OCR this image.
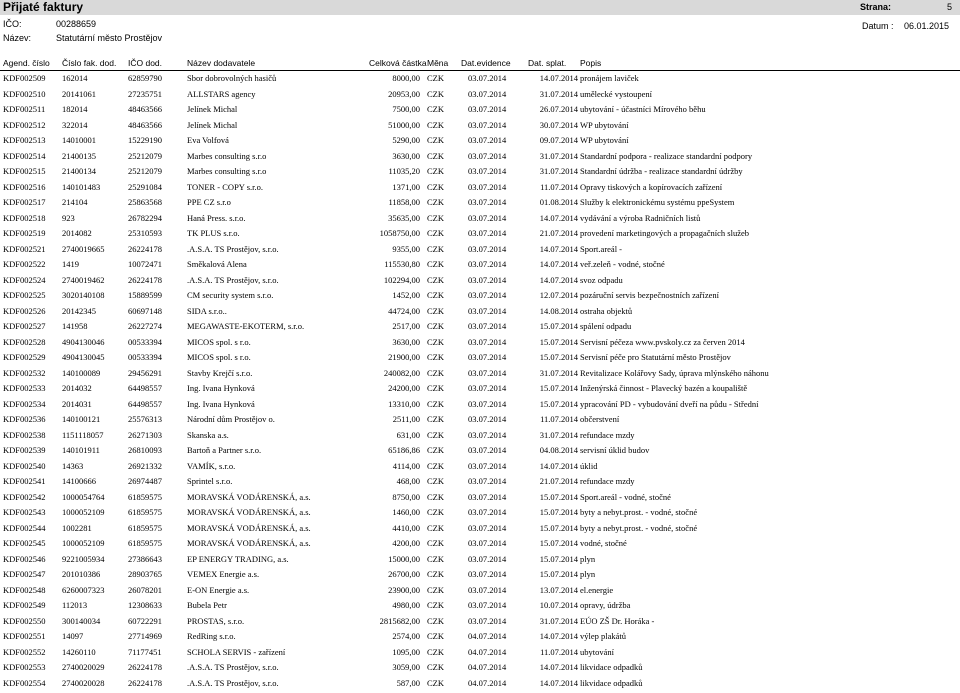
Přijaté faktury	Strana:	5
IČO:	00288659
Název:	Statutární město Prostějov
Datum : 06.01.2015
Agend. číslo Číslo fak. dod. IČO dod.	Název dodavatele	Celková částka Měna Dat.evidence Dat. splat. Popis
KDF002509	162014	62859790	Sbor dobrovolných hasičů	8000,00 CZK	03.07.2014	14.07.2014 pronájem laviček
KDF002510	20141061	27235751	ALLSTARS agency	20953,00 CZK	03.07.2014	31.07.2014 umělecké vystoupení
KDF002511	182014	48463566	Jelínek Michal	7500,00 CZK	03.07.2014	26.07.2014 ubytování - účastníci Mírového běhu
KDF002512	322014	48463566	Jelínek Michal	51000,00 CZK	03.07.2014	30.07.2014 WP ubytování
KDF002513	14010001	15229190	Eva Volfová	5290,00 CZK	03.07.2014	09.07.2014 WP ubytování
KDF002514	21400135	25212079	Marbes consulting s.r.o	3630,00 CZK	03.07.2014	31.07.2014 Standardní podpora - realizace standardní podpory
KDF002515	21400134	25212079	Marbes consulting s.r.o	11035,20 CZK	03.07.2014	31.07.2014 Standardní údržba - realizace standardní údržby
KDF002516	140101483	25291084	TONER - COPY s.r.o.	1371,00 CZK	03.07.2014	11.07.2014 Opravy tiskových a kopírovacích zařízení
KDF002517	214104	25863568	PPE CZ s.r.o	11858,00 CZK	03.07.2014	01.08.2014 Služby k elektronickému systému ppeSystem
KDF002518	923	26782294	Haná Press. s.r.o.	35635,00 CZK	03.07.2014	14.07.2014 vydávání a výroba Radničních listů
KDF002519	2014082	25310593	TK PLUS s.r.o.	1058750,00 CZK	03.07.2014	21.07.2014 provedení marketingových a propagačních služeb
KDF002521	2740019665	26224178	.A.S.A. TS Prostějov, s.r.o.	9355,00 CZK	03.07.2014	14.07.2014 Sport.areál -
KDF002522	1419	10072471	Směkalová Alena	115530,80 CZK	03.07.2014	14.07.2014 veř.zeleň - vodné, stočné
KDF002524	2740019462	26224178	.A.S.A. TS Prostějov, s.r.o.	102294,00 CZK	03.07.2014	14.07.2014 svoz odpadu
KDF002525	3020140108	15889599	CM security system s.r.o.	1452,00 CZK	03.07.2014	12.07.2014 pozáruční servis bezpečnostních zařízení
KDF002526	20142345	60697148	SIDA s.r.o..	44724,00 CZK	03.07.2014	14.08.2014 ostraha objektů
KDF002527	141958	26227274	MEGAWASTE-EKOTERM, s.r.o.	2517,00 CZK	03.07.2014	15.07.2014 spálení odpadu
KDF002528	4904130046	00533394	MICOS spol. s r.o.	3630,00 CZK	03.07.2014	15.07.2014 Servisní péčeza www.pvskoly.cz za červen 2014
KDF002529	4904130045	00533394	MICOS spol. s r.o.	21900,00 CZK	03.07.2014	15.07.2014 Servisní péče pro Statutární město Prostějov
KDF002532	140100089	29456291	Stavby Krejčí s.r.o.	240082,00 CZK	03.07.2014	31.07.2014 Revitalizace Kolářovy Sady, úprava mlýnského náhonu
KDF002533	2014032	64498557	Ing. Ivana Hynková	24200,00 CZK	03.07.2014	15.07.2014 Inženýrská činnost - Plavecký bazén a koupaliště
KDF002534	2014031	64498557	Ing. Ivana Hynková	13310,00 CZK	03.07.2014	15.07.2014 ypracování PD - vybudování dveří na půdu - Střední
KDF002536	140100121	25576313	Národní dům Prostějov o.	2511,00 CZK	03.07.2014	11.07.2014 občerstvení
KDF002538	1151118057	26271303	Skanska a.s.	631,00 CZK	03.07.2014	31.07.2014 refundace mzdy
KDF002539	140101911	26810093	Bartoň a Partner s.r.o.	65186,86 CZK	03.07.2014	04.08.2014 servisní úklid budov
KDF002540	14363	26921332	VAMÍK, s.r.o.	4114,00 CZK	03.07.2014	14.07.2014 úklid
KDF002541	14100666	26974487	Sprintel s.r.o.	468,00 CZK	03.07.2014	21.07.2014 refundace mzdy
KDF002542	1000054764	61859575	MORAVSKÁ VODÁRENSKÁ, a.s.	8750,00 CZK	03.07.2014	15.07.2014 Sport.areál - vodné, stočné
KDF002543	1000052109	61859575	MORAVSKÁ VODÁRENSKÁ, a.s.	1460,00 CZK	03.07.2014	15.07.2014 byty a nebyt.prost. - vodné, stočné
KDF002544	1002281	61859575	MORAVSKÁ VODÁRENSKÁ, a.s.	4410,00 CZK	03.07.2014	15.07.2014 byty a nebyt.prost. - vodné, stočné
KDF002545	1000052109	61859575	MORAVSKÁ VODÁRENSKÁ, a.s.	4200,00 CZK	03.07.2014	15.07.2014 vodné, stočné
KDF002546	9221005934	27386643	EP ENERGY TRADING, a.s.	15000,00 CZK	03.07.2014	15.07.2014 plyn
KDF002547	201010386	28903765	VEMEX Energie a.s.	26700,00 CZK	03.07.2014	15.07.2014 plyn
KDF002548	6260007323	26078201	E-ON Energie a.s.	23900,00 CZK	03.07.2014	13.07.2014 el.energie
KDF002549	112013	12308633	Bubela Petr	4980,00 CZK	03.07.2014	10.07.2014 opravy, údržba
KDF002550	300140034	60722291	PROSTAS, s.r.o.	2815682,00 CZK	03.07.2014	31.07.2014 EÚO ZŠ Dr. Horáka -
KDF002551	14097	27714969	RedRing s.r.o.	2574,00 CZK	04.07.2014	14.07.2014 výlep plakátů
KDF002552	14260110	71177451	SCHOLA SERVIS - zařízení	1095,00 CZK	04.07.2014	11.07.2014 ubytování
KDF002553	2740020029	26224178	.A.S.A. TS Prostějov, s.r.o.	3059,00 CZK	04.07.2014	14.07.2014 likvidace odpadků
KDF002554	2740020028	26224178	.A.S.A. TS Prostějov, s.r.o.	587,00 CZK	04.07.2014	14.07.2014 likvidace odpadků
